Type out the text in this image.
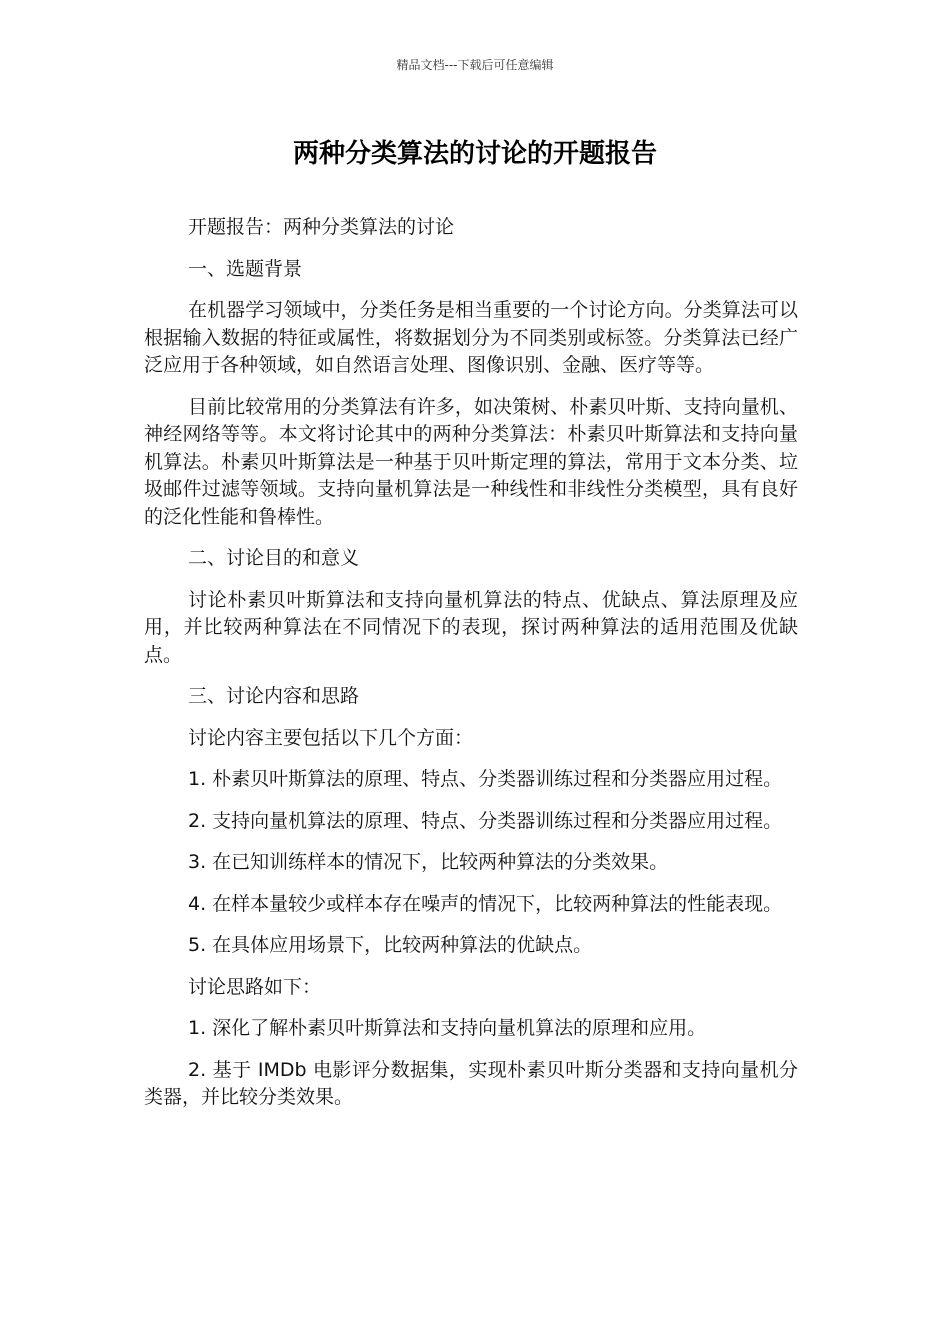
精品文档---下载后可任意编辑
两种分类算法的讨论的开题报告

开题报告：两种分类算法的讨论

一、选题背景

在机器学习领域中，分类任务是相当重要的一个讨论方向。分类算法可以根据输入数据的特征或属性，将数据划分为不同类别或标签。分类算法已经广泛应用于各种领域，如自然语言处理、图像识别、金融、医疗等等。

目前比较常用的分类算法有许多，如决策树、朴素贝叶斯、支持向量机、神经网络等等。本文将讨论其中的两种分类算法：朴素贝叶斯算法和支持向量机算法。朴素贝叶斯算法是一种基于贝叶斯定理的算法，常用于文本分类、垃圾邮件过滤等领域。支持向量机算法是一种线性和非线性分类模型，具有良好的泛化性能和鲁棒性。

二、讨论目的和意义

讨论朴素贝叶斯算法和支持向量机算法的特点、优缺点、算法原理及应用，并比较两种算法在不同情况下的表现，探讨两种算法的适用范围及优缺点。

三、讨论内容和思路

讨论内容主要包括以下几个方面：

1. 朴素贝叶斯算法的原理、特点、分类器训练过程和分类器应用过程。

2. 支持向量机算法的原理、特点、分类器训练过程和分类器应用过程。

3. 在已知训练样本的情况下，比较两种算法的分类效果。

4. 在样本量较少或样本存在噪声的情况下，比较两种算法的性能表现。

5. 在具体应用场景下，比较两种算法的优缺点。

讨论思路如下：

1. 深化了解朴素贝叶斯算法和支持向量机算法的原理和应用。

2. 基于 IMDb 电影评分数据集，实现朴素贝叶斯分类器和支持向量机分类器，并比较分类效果。
